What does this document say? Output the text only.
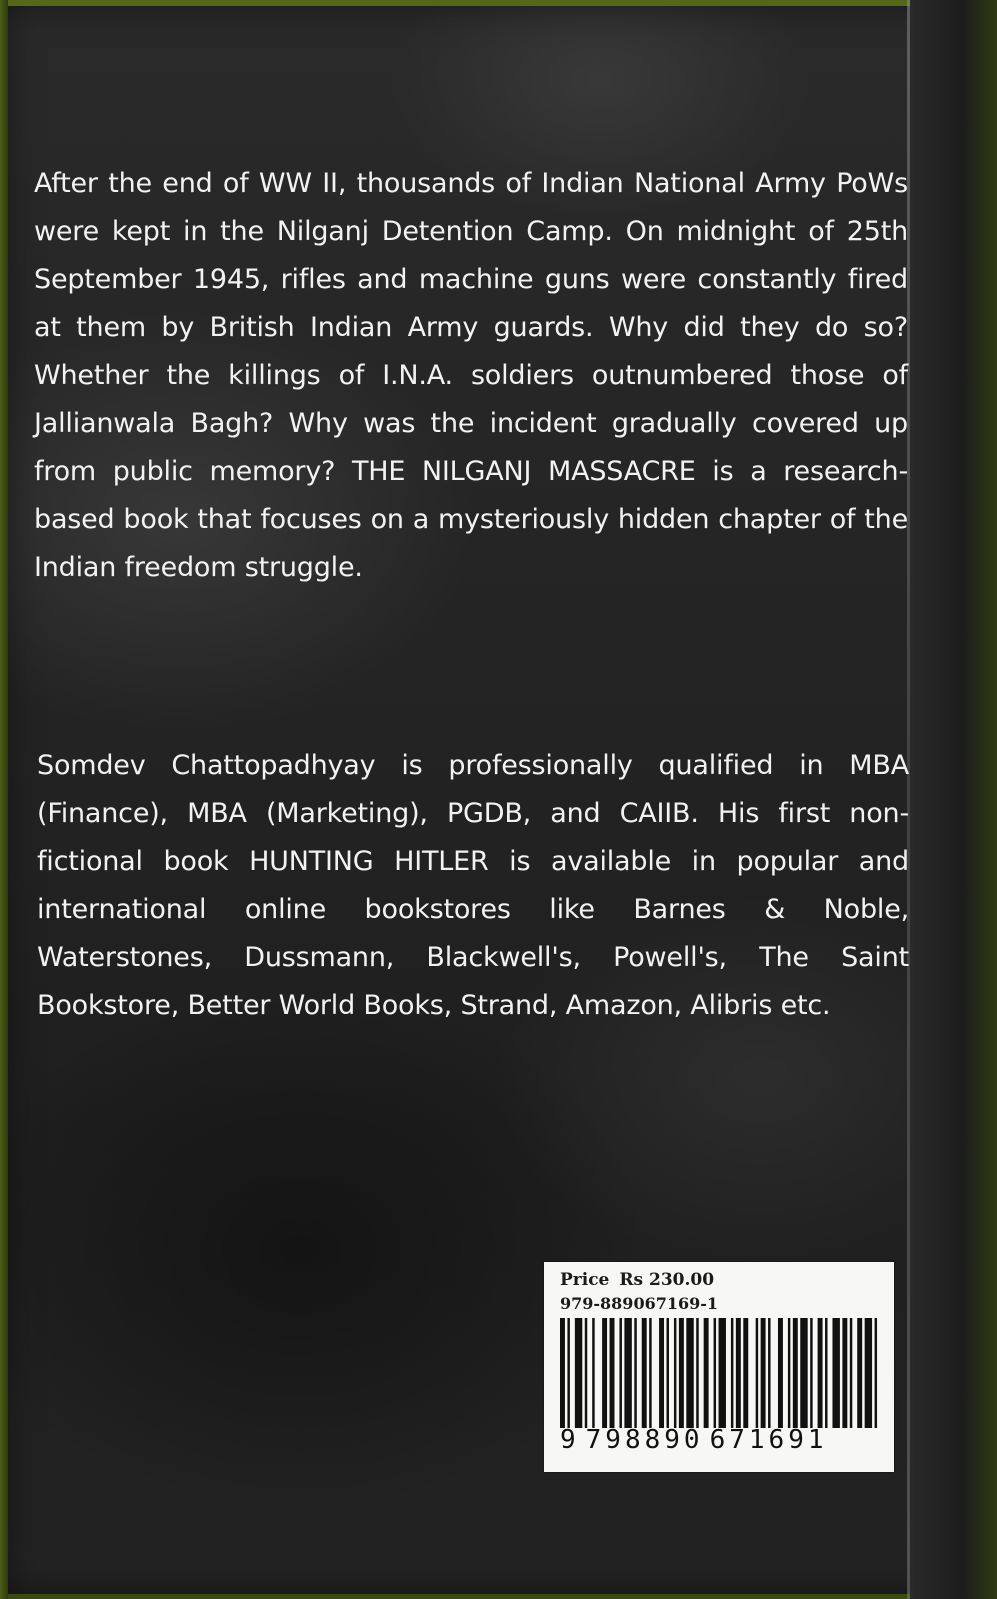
After the end of WW II, thousands of Indian National Army PoWs were kept in the Nilganj Detention Camp. On midnight of 25th September 1945, rifles and machine guns were constantly fired at them by British Indian Army guards. Why did they do so? Whether the killings of I.N.A. soldiers outnumbered those of Jallianwala Bagh? Why was the incident gradually covered up from public memory? THE NILGANJ MASSACRE is a research-based book that focuses on a mysteriously hidden chapter of the Indian freedom struggle.

Somdev Chattopadhyay is professionally qualified in MBA (Finance), MBA (Marketing), PGDB, and CAIIB. His first non-fictional book HUNTING HITLER is available in popular and international online bookstores like Barnes & Noble, Waterstones, Dussmann, Blackwell's, Powell's, The Saint Bookstore, Better World Books, Strand, Amazon, Alibris etc.

Price Rs 230.00
979-889067169-1
9 798890 671691
